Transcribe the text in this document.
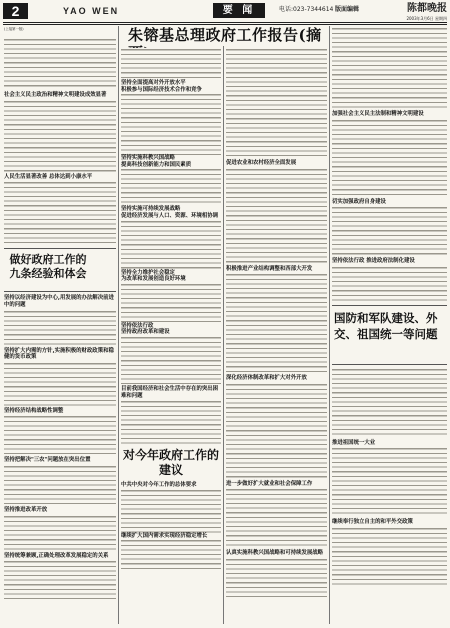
2	YAO WEN	要 闻	电话:023-7344614 版面编辑	陈都晚报
2003年3月6日 星期四
朱镕基总理政府工作报告(摘

(上接第一版)

社会主义民主政治和精神文明建设成效显著

人民生活显著改善 总体达到小康水平

做好政府工作的九条经验和体会

坚持以经济建设为中心,用发展的办法解决前进中的问题

坚持扩大内需的方针,实施积极的财政政策和稳健的货币政策

坚持经济结构战略性调整

坚持把解决"三农"问题放在突出位置

坚持推进改革开放

坚持统筹兼顾,正确处理改革发展稳定的关系

坚持全面提高对外开放水平

积极参与国际经济技术合作和竞争

坚持实施科教兴国战略

提高科技创新能力和国民素质

坚持实施可持续发展战略

促进经济发展与人口、资源、环境相协调

坚持全力维护社会稳定

为改革和发展创造良好环境

坚持依法行政

坚持政府改革和建设

目前我国经济和社会生活中存在的突出困难和问题

对今年政府工作的建议

中共中央对今年工作的总体要求

继续扩大国内需求实现经济稳定增长

促进农业和农村经济全面发展

积极推进产业结构调整和西部大开发

深化经济体制改革和扩大对外开放

进一步做好扩大就业和社会保障工作

认真实施科教兴国战略和可持续发展战略

加强社会主义民主法制和精神文明建设

切实加强政府自身建设

坚持依法行政 推进政府法制化建设

国防和军队建设、外交、祖国统一等问题

推进祖国统一大业

继续奉行独立自主的和平外交政策
